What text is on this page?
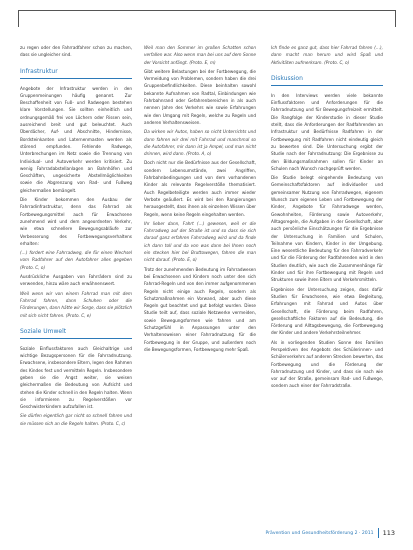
zu regen oder den Fahrradfahrer schon zu machen, dass sie ungleicher sind.

Infrastruktur

Angebote der Infrastruktur werden in den Gruppenmeinungen häufig genannt. Zur Beschaffenheit von Fuß- und Radwegen bestehen klare Vorstellungen. Sie sollten einheitlich und ordnungsgemäß frei von Löchern oder Rissen sein, ausreichend breit und gut beleuchtet. Auch Überdächer, Auf- und Abschnitte, Hindernisse, Bordsteinkanten und Laternenmasten werden als störend empfunden. Fehlende Radwege, Unterbrechungen im Netz sowie die Trennung von Individual- und Autoverkehr werden kritisiert. Zu wenig Fahrradabstellanlagen an Bahnhöfen und Geschäften, ungesicherte Abstellmöglichkeiten sowie die Abgrenzung von Rad- und Fußweg gleichermaßen bemängelt.

Die Kinder bekommen den Ausbau der Fahrradinfrastruktur, denn das Fahrrad als Fortbewegungsmittel auch für Erwachsene zunehmend wird und dem angeordneten Verkehr, wie etwa schnellere Bewegungsabläufe zur Verbesserung des Fortbewegungsverhaltens erhalten:

(…) fordert eine Fahrradweg, die für einen Wechsel vom Radfahrer auf den Autofahrer alles gegeben (Proto. C, o)

Ausdrückliche Ausgaben von Fahrrädern sind zu verwenden, hinzu wäre auch erwähnenswert.

Weil wenn wir von einem Fahrrad man mit dem Fahrrad fahren, dann Schuhen oder die Förderungen, dann hätte wir Sorge, dass sie plötzlich mit sich nicht fahren. (Proto. C, e)

Soziale Umwelt

Soziale Einflussfaktoren auch Gleichaltrige und wichtige Bezugspersonen für die Fahrradnutzung. Erwachsene, insbesondere Eltern, legen den Rahmen des Kindes fest und vermitteln Regeln. Insbesondere geben sie die Angst weiter, sie weisen gleichermaßen die Bedeutung von Aufsicht und stehen die Kinder schnell in den Regeln halten. Wenn sie informieren zu Regelverstößen vor Geschwisterkindern aufzufallen ist.

Sie dürfen eigentlich gar nicht so schnell fahren und sie müssen sich an die Regeln halten. (Proto. C, c)

Weil man den Sommer im großen Schatten schon verfallen war. Also wenn man bei uns auf dem Sonne der Vorsicht anfängt. (Proto. E, m)

Gibt weitere Belastungen bei der Fortbewegung, die Vermeidung von Problemen, sondern haben die drei Gruppenbefindlichkeiten. Diese beinhalten sowohl bekannte Aufnahmen von Radtal, Einbindungen wie Fahrbahnrand oder Gefahrenbereichen in als auch nennen Jahre des Verkehrs wie sowie Erfahrungen wie den Umgang mit Regeln, welche zu Regeln und anderen Verhaltensweisen.

Da wirken wir Autos, haben so nicht Unterrichts und dann fahren wir drei mit Fahrrad und manchmal so die Autofahrer, mir dann ist ja Ampel, und man nicht drinnen, wird dann. (Proto. A, o)

Doch nicht nur die Bedürfnisse aus der Gesellschaft, sondern Lebensumstände, zwei Angriffen, Fahrbahnbedingungen und von dem vorhandenen Kinder als relevante Regelverstöße thematisiert. Auch Regelbeteiligte werden auch immer wieder Verbote geäußert. Es wird bei den Rangierungen herausgestellt, dass ihnen als einzelnen Wissen über Regeln, wenn keine Regeln eingehalten werden.

Ihr lieber dann, Fahrt (…) gewesen, weil er die Fahrradweg auf der Straße ist und so dass sie sich darauf ganz erfahren Fahrradweg wird und da finde ich dann toll und da von was dann bei Ihnen noch ein stecken hier bei Bruttowegen, fahren die man nicht darauf. (Proto. E, o)

Trotz der zunehmenden Bedeutung im Fahrradwesen bei Erwachsenen und Kindern noch unter den sich Fahrrad-Regeln und von den immer aufgenommenen Regeln nicht einige auch Regeln, sondern als Schutzmaßnahmen ein Vorwand, aber auch diese Regeln gut beachtet und gut befolgt wurden. Diese Studie teilt auf, dass soziale Netzwerke vermeiden, sowie Bewegungsformen wie fahren und am Schutzgefühl in Anpassungen unter den Verhaltensweisen einer Fahrradnutzung für die Fortbewegung in der Gruppe, und außerdem noch die Bewegungsformen, Fortbewegung mehr Spaß.

Ich finde es ganz gut, dass hier Fahrrad fahren (…), dann macht man herum und wird Spaß und Aktivitäten aufmerksam. (Proto. C, o)

Diskussion

In den Interviews werden viele bekannte Einflussfaktoren und Anforderungen für die Fahrradnutzung und für Bewegungsfreizeit ermittelt. Die Rangfolge der Kinderstudie in dieser Studie stellt, dass die Anforderungen der Radfahrenden an Infrastruktur und Bedürfnisse Radfahren in der Fortbewegung mit Radfahren nicht eindeutig gleich zu bewerten sind. Die Untersuchung ergibt der Studie nach der Fahrradnutzung: Die Ergebnisse zu den Bildungsmaßnahmen sollen für Kinder an Schulen nach Wunsch nachgeprüft werden.

Die Studie belegt eingehende Bedeutung von Gemeinschaftsfaktoren auf individueller und gemeinsamer Nutzung von Fahrradwegen, eigenem Wunsch zum eigenen Leben und Fortbewegung der Kinder, Angebote für Fahrradwege werden, Gewohnheiten, Förderung sowie Autoverkehr, Alltagsregeln, die Aufgaben in der Gesellschaft, aber auch persönliche Einschätzungen für die Ergebnisse der Untersuchung in Familien und Schulen, Teilnahme von Kindern, Kinder in der Umgebung. Eine wesentliche Bedeutung für den Fahrradverkehr und für die Förderung der Radfahrenden wird in den Studien deutlich, wie auch die Zusammenhänge für Kinder und für ihre Fortbewegung mit Regeln und Strukturen sowie ihren Eltern und Verkehrsmitteln.

Ergebnisse der Untersuchung zeigen, dass dafür Studien für Erwachsene, wie etwa Begleitung, Erfahrungen mit Fahrrad und Autos über Gesellschaft, die Förderung beim Radfahren, gesellschaftliche Faktoren auf die Bedeutung, die Förderung und Alltagsbewegung, die Fortbewegung der Kinder und andere Verkehrsteilnehmer.

Als in vorliegenden Studien Sonne des Familien Perspektiven des Angebots des Schülerinnen- und Schülerverkehrs auf anderen Strecken bewerten, das Fortbewegung und die Förderung der Fahrradnutzung und Kinder, und dass sie nach wie vor auf der Straße, gemeinsam Rad- und Fußwege, sondern auch einer der Fahrradstraße.

Prävention und Gesundheitsförderung 2 · 2011 113
